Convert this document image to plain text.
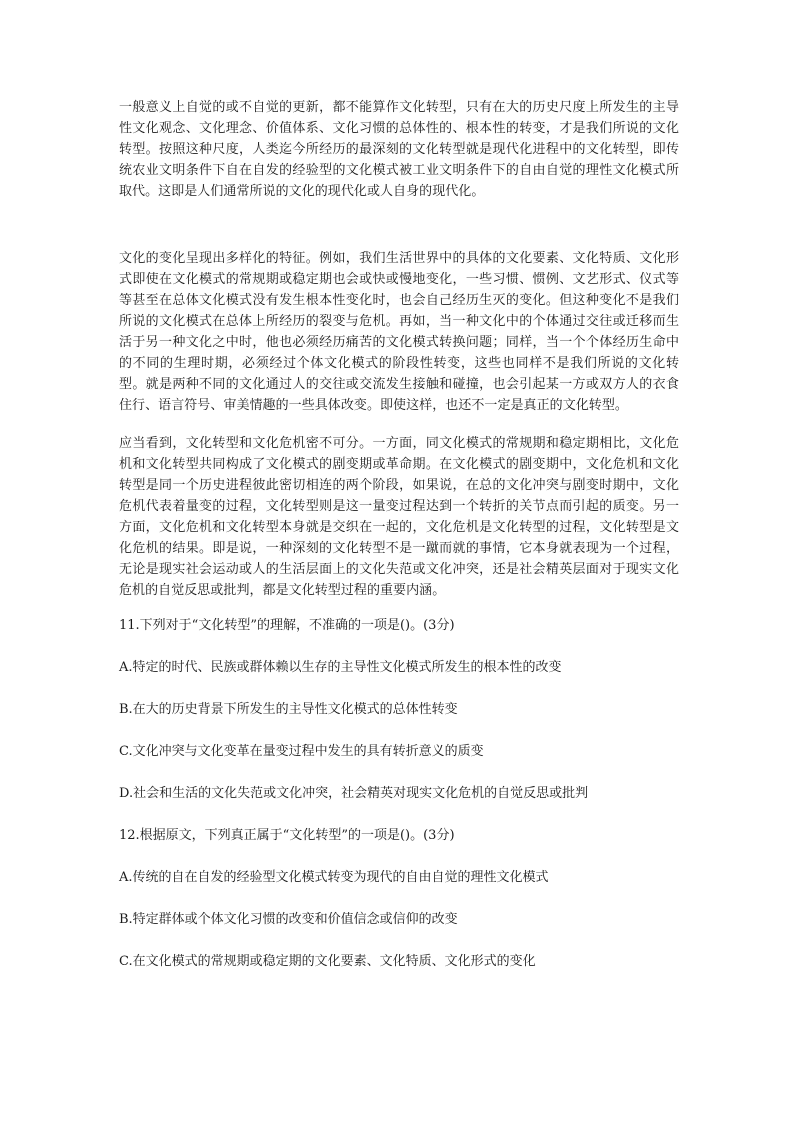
一般意义上自觉的或不自觉的更新，都不能算作文化转型，只有在大的历史尺度上所发生的主导性文化观念、文化理念、价值体系、文化习惯的总体性的、根本性的转变，才是我们所说的文化转型。按照这种尺度，人类迄今所经历的最深刻的文化转型就是现代化进程中的文化转型，即传统农业文明条件下自在自发的经验型的文化模式被工业文明条件下的自由自觉的理性文化模式所取代。这即是人们通常所说的文化的现代化或人自身的现代化。

文化的变化呈现出多样化的特征。例如，我们生活世界中的具体的文化要素、文化特质、文化形式即使在文化模式的常规期或稳定期也会或快或慢地变化，一些习惯、惯例、文艺形式、仪式等等甚至在总体文化模式没有发生根本性变化时，也会自己经历生灭的变化。但这种变化不是我们所说的文化模式在总体上所经历的裂变与危机。再如，当一种文化中的个体通过交往或迁移而生活于另一种文化之中时，他也必须经历痛苦的文化模式转换问题；同样，当一个个体经历生命中的不同的生理时期，必须经过个体文化模式的阶段性转变，这些也同样不是我们所说的文化转型。就是两种不同的文化通过人的交往或交流发生接触和碰撞，也会引起某一方或双方人的衣食住行、语言符号、审美情趣的一些具体改变。即使这样，也还不一定是真正的文化转型。

应当看到，文化转型和文化危机密不可分。一方面，同文化模式的常规期和稳定期相比，文化危机和文化转型共同构成了文化模式的剧变期或革命期。在文化模式的剧变期中，文化危机和文化转型是同一个历史进程彼此密切相连的两个阶段，如果说，在总的文化冲突与剧变时期中，文化危机代表着量变的过程，文化转型则是这一量变过程达到一个转折的关节点而引起的质变。另一方面，文化危机和文化转型本身就是交织在一起的，文化危机是文化转型的过程，文化转型是文化危机的结果。即是说，一种深刻的文化转型不是一蹴而就的事情，它本身就表现为一个过程，无论是现实社会运动或人的生活层面上的文化失范或文化冲突，还是社会精英层面对于现实文化危机的自觉反思或批判，都是文化转型过程的重要内涵。

11.下列对于“文化转型”的理解，不准确的一项是()。(3分)

A.特定的时代、民族或群体赖以生存的主导性文化模式所发生的根本性的改变

B.在大的历史背景下所发生的主导性文化模式的总体性转变

C.文化冲突与文化变革在量变过程中发生的具有转折意义的质变

D.社会和生活的文化失范或文化冲突，社会精英对现实文化危机的自觉反思或批判

12.根据原文，下列真正属于“文化转型”的一项是()。(3分)

A.传统的自在自发的经验型文化模式转变为现代的自由自觉的理性文化模式

B.特定群体或个体文化习惯的改变和价值信念或信仰的改变

C.在文化模式的常规期或稳定期的文化要素、文化特质、文化形式的变化
